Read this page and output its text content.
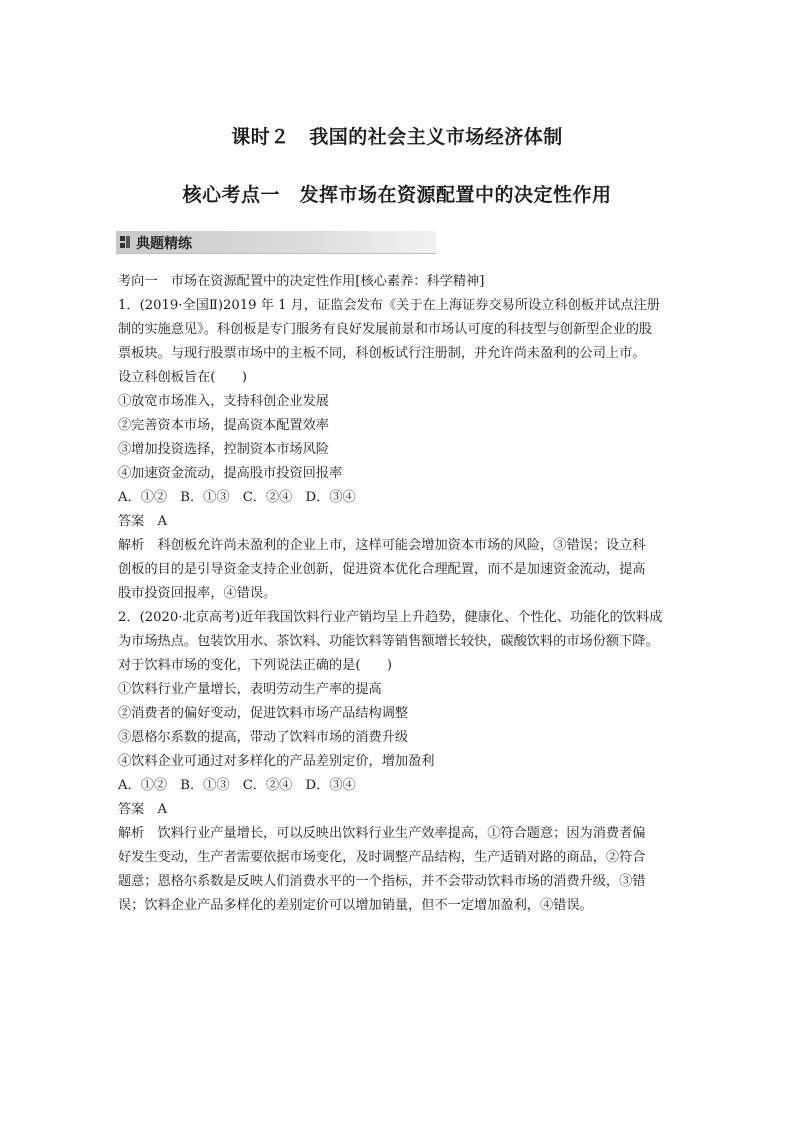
课时２　我国的社会主义市场经济体制
核心考点一　发挥市场在资源配置中的决定性作用
典题精练
考向一　市场在资源配置中的决定性作用[核心素养：科学精神]
1．(2019·全国Ⅱ)2019 年 1 月，证监会发布《关于在上海证券交易所设立科创板并试点注册
制的实施意见》。科创板是专门服务有良好发展前景和市场认可度的科技型与创新型企业的股
票板块。与现行股票市场中的主板不同，科创板试行注册制，并允许尚未盈利的公司上市。
设立科创板旨在(　　)
①放宽市场准入，支持科创企业发展
②完善资本市场，提高资本配置效率
③增加投资选择，控制资本市场风险
④加速资金流动，提高股市投资回报率
A．①②　B．①③　C．②④　D．③④
答案　A
解析　科创板允许尚未盈利的企业上市，这样可能会增加资本市场的风险，③错误；设立科
创板的目的是引导资金支持企业创新，促进资本优化合理配置，而不是加速资金流动，提高
股市投资回报率，④错误。
2．(2020·北京高考)近年我国饮料行业产销均呈上升趋势，健康化、个性化、功能化的饮料成
为市场热点。包装饮用水、茶饮料、功能饮料等销售额增长较快，碳酸饮料的市场份额下降。
对于饮料市场的变化，下列说法正确的是(　　)
①饮料行业产量增长，表明劳动生产率的提高
②消费者的偏好变动，促进饮料市场产品结构调整
③恩格尔系数的提高，带动了饮料市场的消费升级
④饮料企业可通过对多样化的产品差别定价，增加盈利
A．①②　B．①③　C．②④　D．③④
答案　A
解析　饮料行业产量增长，可以反映出饮料行业生产效率提高，①符合题意；因为消费者偏
好发生变动，生产者需要依据市场变化，及时调整产品结构，生产适销对路的商品，②符合
题意；恩格尔系数是反映人们消费水平的一个指标，并不会带动饮料市场的消费升级，③错
误；饮料企业产品多样化的差别定价可以增加销量，但不一定增加盈利，④错误。
